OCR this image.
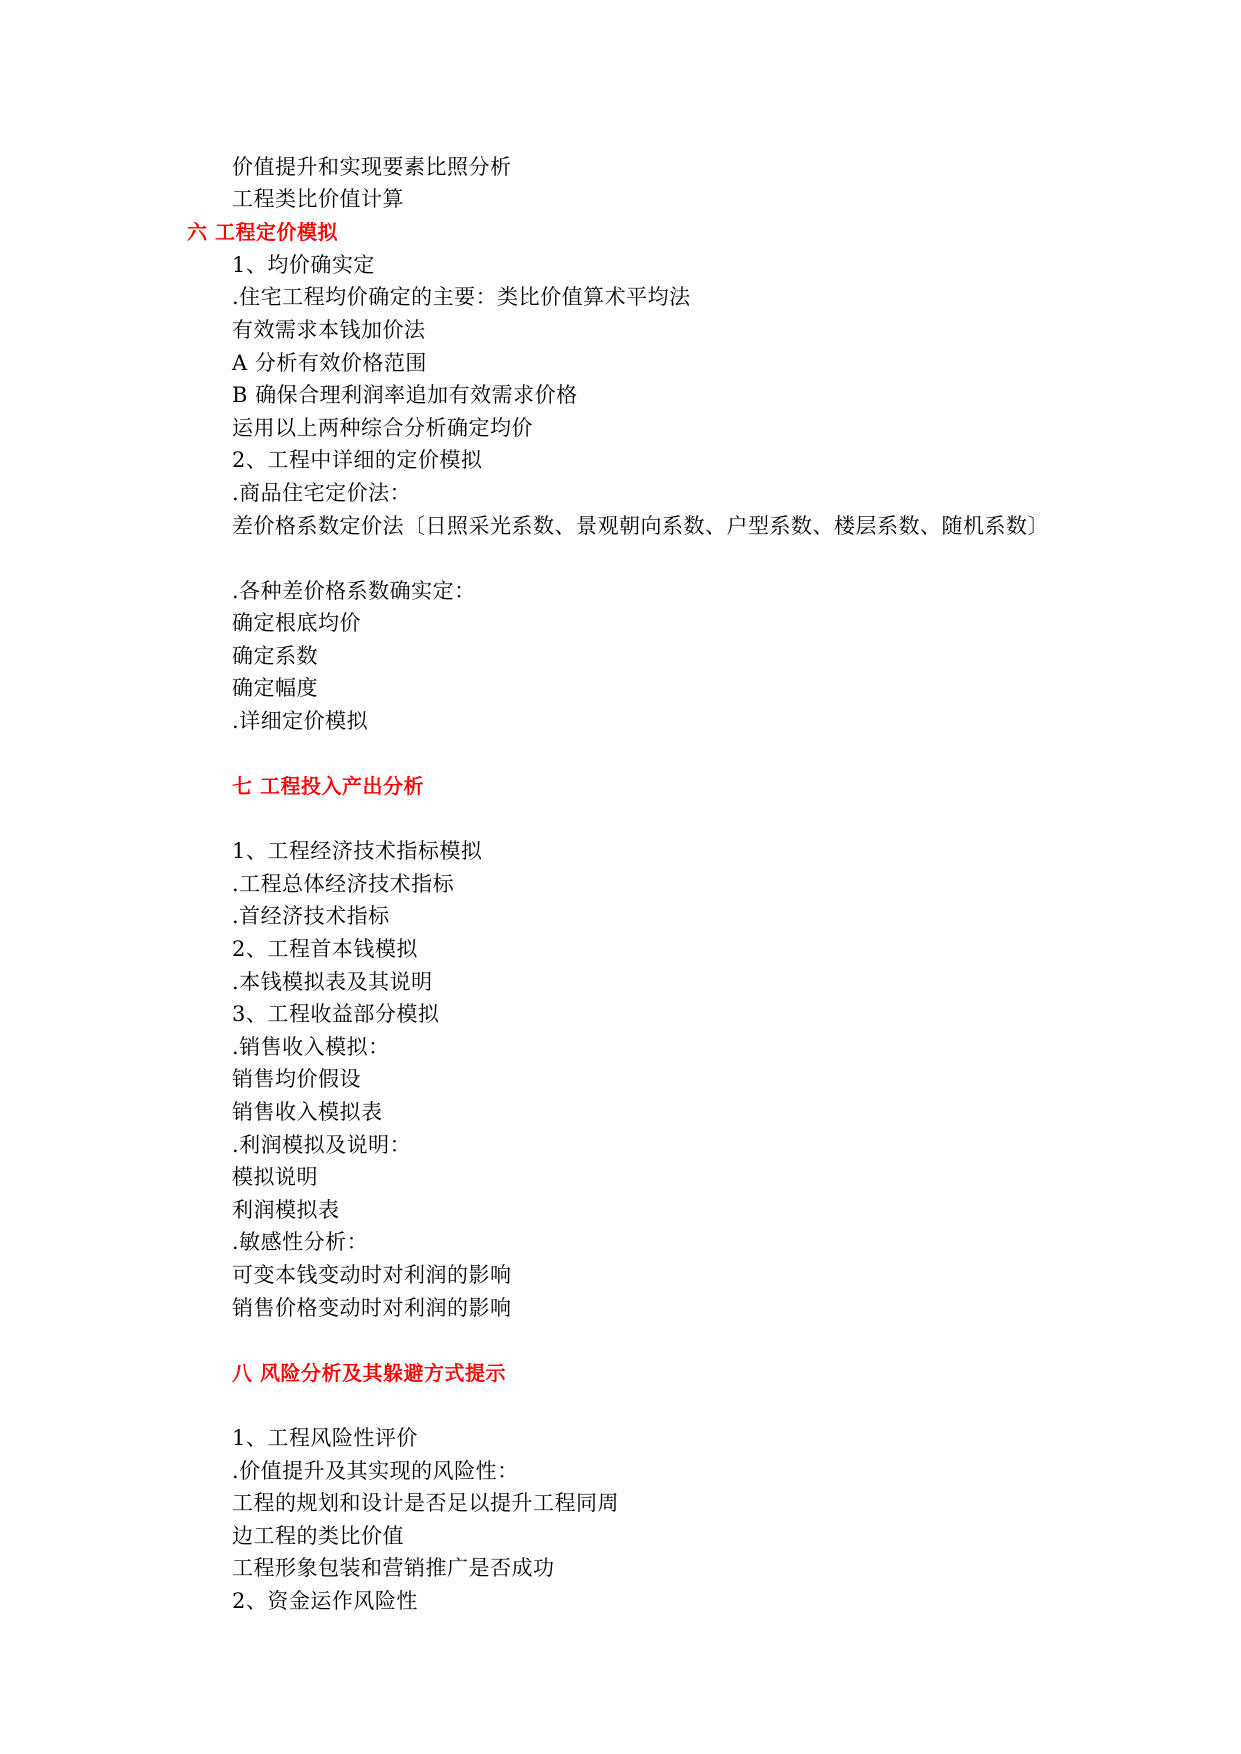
价值提升和实现要素比照分析
工程类比价值计算
六 工程定价模拟
1、均价确实定
.住宅工程均价确定的主要：类比价值算术平均法
有效需求本钱加价法
A 分析有效价格范围
B 确保合理利润率追加有效需求价格
运用以上两种综合分析确定均价
2、工程中详细的定价模拟
.商品住宅定价法：
差价格系数定价法〔日照采光系数、景观朝向系数、户型系数、楼层系数、随机系数〕
.各种差价格系数确实定：
确定根底均价
确定系数
确定幅度
.详细定价模拟
七 工程投入产出分析
1、工程经济技术指标模拟
.工程总体经济技术指标
.首经济技术指标
2、工程首本钱模拟
.本钱模拟表及其说明
3、工程收益部分模拟
.销售收入模拟：
销售均价假设
销售收入模拟表
.利润模拟及说明：
模拟说明
利润模拟表
.敏感性分析：
可变本钱变动时对利润的影响
销售价格变动时对利润的影响
八 风险分析及其躲避方式提示
1、工程风险性评价
.价值提升及其实现的风险性：
工程的规划和设计是否足以提升工程同周
边工程的类比价值
工程形象包装和营销推广是否成功
2、资金运作风险性
